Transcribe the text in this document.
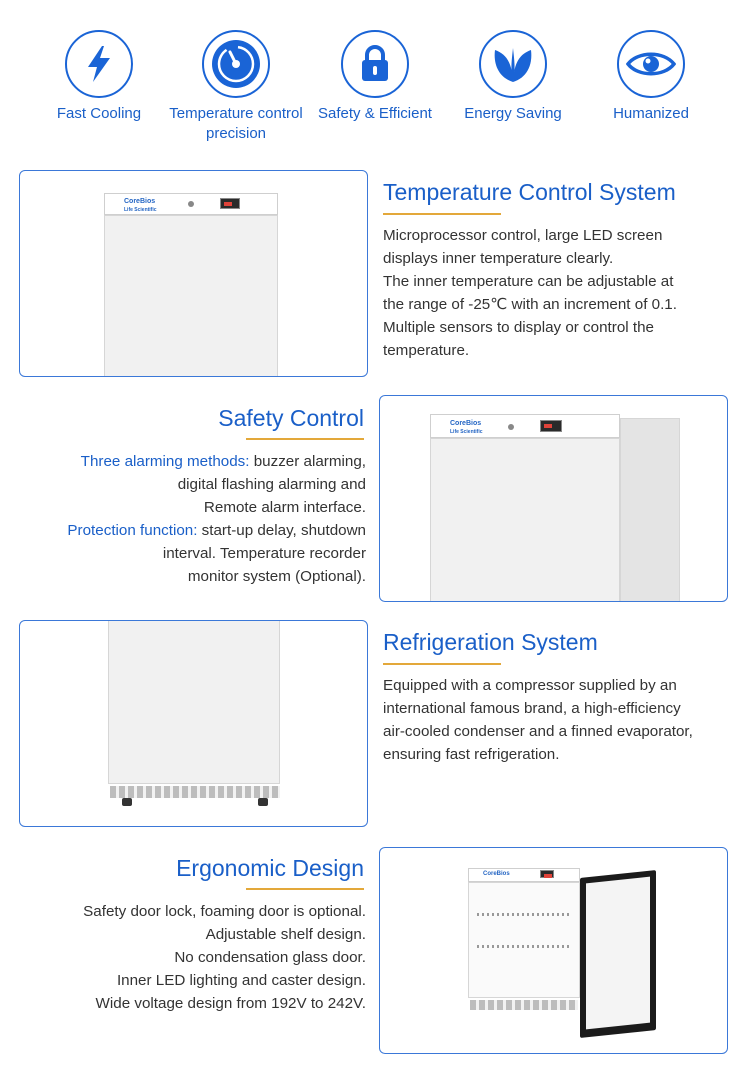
Fast Cooling	Temperature control
precision
Safety & Efficient	Energy Saving	Humanized
CoreBios
Life Scientific
Temperature Control System
Microprocessor control, large LED screen
displays inner temperature clearly.
The inner temperature can be adjustable at
the range of -25℃ with an increment of 0.1.
Multiple sensors to display or control the
temperature.
Safety Control
Three alarming methods: buzzer alarming,
digital flashing alarming and
Remote alarm interface.
Protection function: start-up delay, shutdown
interval. Temperature recorder
monitor system (Optional).
CoreBios
Life Scientific
Refrigeration System
Equipped with a compressor supplied by an
international famous brand, a high-efficiency
air-cooled condenser and a finned evaporator,
ensuring fast refrigeration.
Ergonomic Design
Safety door lock, foaming door is optional.
Adjustable shelf design.
No condensation glass door.
Inner LED lighting and caster design.
Wide voltage design from 192V to 242V.
CoreBios
